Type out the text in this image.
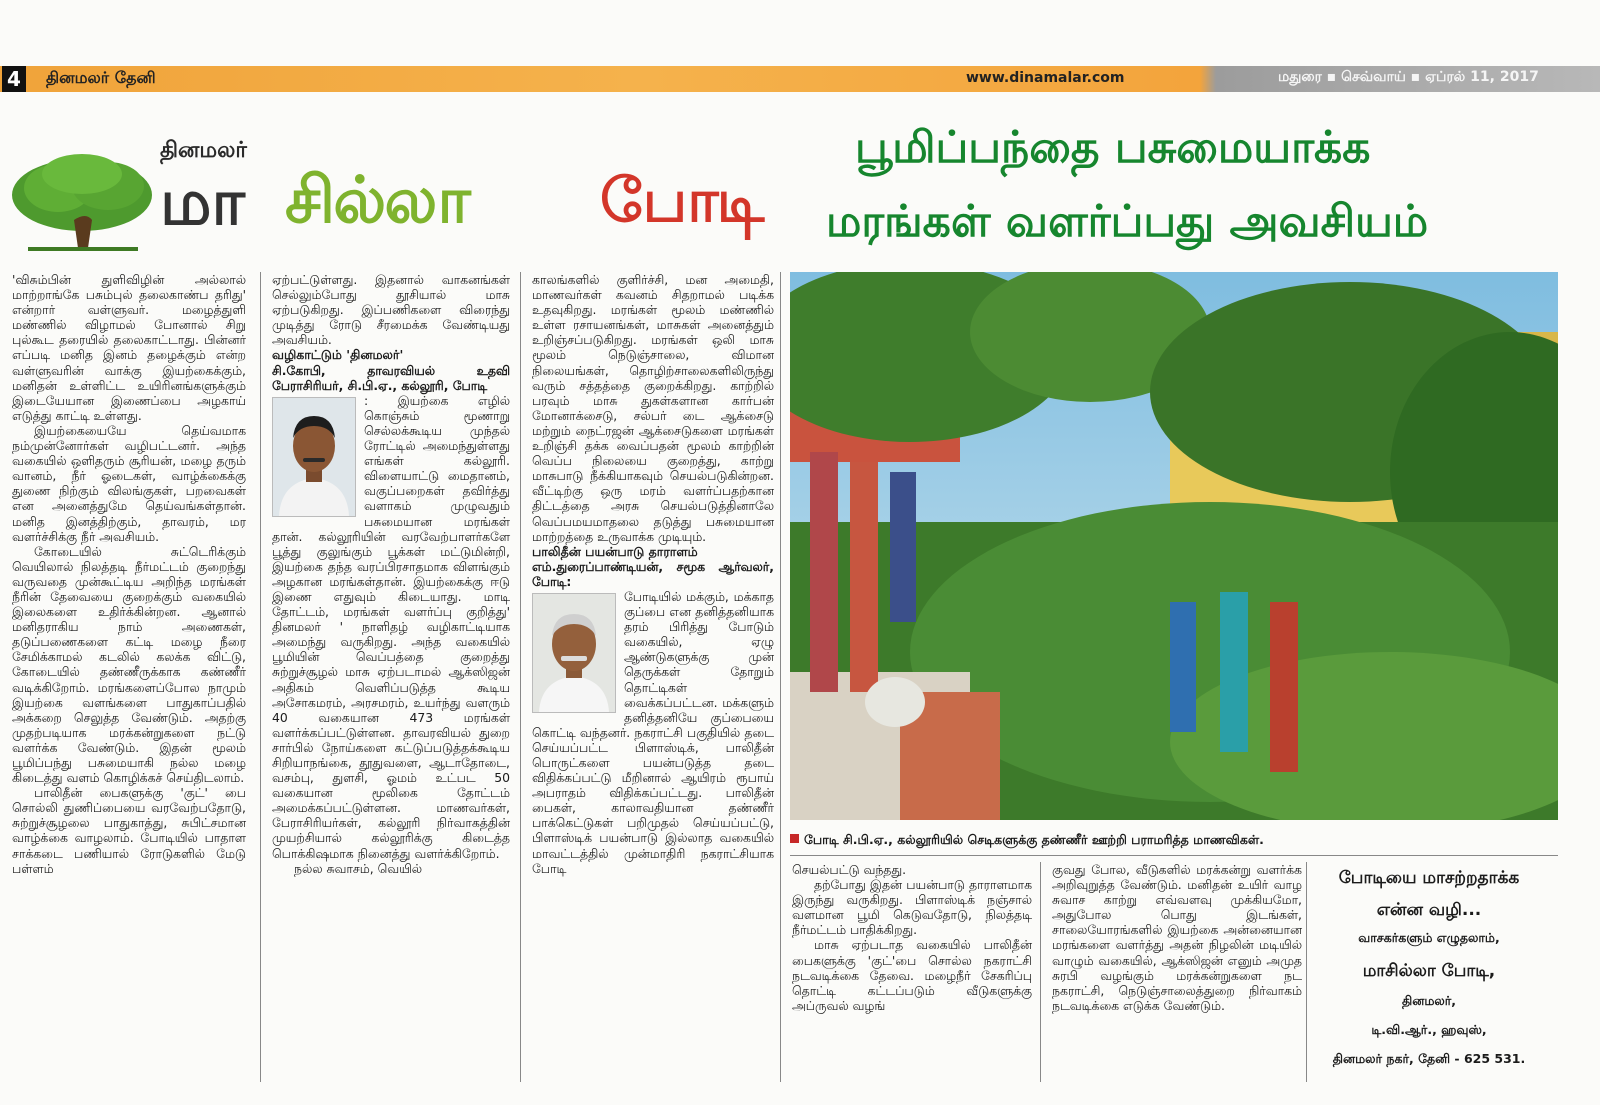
4	தினமலர் தேனி	www.dinamalar.com	மதுரை ▪ செவ்வாய் ▪ ஏப்ரல் 11, 2017
தினமலர்
மா சில்லா போடி
பூமிப்பந்தை பசுமையாக்க
மரங்கள் வளர்ப்பது அவசியம்

'விசும்பின் துளிவிழின் அல்லால் மாற்றாங்கே பசும்புல் தலைகாண்ப தரிது' என்றார் வள்ளுவர். மழைத்துளி மண்ணில் விழாமல் போனால் சிறு புல்கூட தரையில் தலைகாட்டாது. பின்னர் எப்படி மனித இனம் தழைக்கும் என்ற வள்ளுவரின் வாக்கு இயற்கைக்கும், மனிதன் உள்ளிட்ட உயிரினங்களுக்கும் இடையேயான இணைப்பை அழகாய் எடுத்து காட்டி உள்ளது.

இயற்கையையே தெய்வமாக நம்முன்னோர்கள் வழிபட்டனர். அந்த வகையில் ஒளிதரும் சூரியன், மழை தரும் வானம், நீர் ஓடைகள், வாழ்க்கைக்கு துணை நிற்கும் விலங்குகள், பறவைகள் என அனைத்துமே தெய்வங்கள்தான். மனித இனத்திற்கும், தாவரம், மர வளர்ச்சிக்கு நீர் அவசியம்.

கோடையில் சுட்டெரிக்கும் வெயிலால் நிலத்தடி நீர்மட்டம் குறைந்து வருவதை முன்கூட்டிய அறிந்த மரங்கள் நீரின் தேவையை குறைக்கும் வகையில் இலைகளை உதிர்க்கின்றன. ஆனால் மனிதராகிய நாம் அணைகள், தடுப்பணைகளை கட்டி மழை நீரை சேமிக்காமல் கடலில் கலக்க விட்டு, கோடையில் தண்ணீருக்காக கண்ணீர் வடிக்கிறோம். மரங்களைப்போல நாமும் இயற்கை வளங்களை பாதுகாப்பதில் அக்கறை செலுத்த வேண்டும். அதற்கு முதற்படியாக மரக்கன்றுகளை நட்டு வளர்க்க வேண்டும். இதன் மூலம் பூமிப்பந்து பசுமையாகி நல்ல மழை கிடைத்து வளம் கொழிக்கச் செய்திடலாம்.

பாலிதீன் பைகளுக்கு 'குட்' பை சொல்லி துணிப்பையை வரவேற்பதோடு, சுற்றுச்சூழலை பாதுகாத்து, சுபிட்சமான வாழ்க்கை வாழலாம். போடியில் பாதாள சாக்கடை பணியால் ரோடுகளில் மேடு பள்ளம்

ஏற்பட்டுள்ளது. இதனால் வாகனங்கள் செல்லும்போது தூசியால் மாசு ஏற்படுகிறது. இப்பணிகளை விரைந்து முடித்து ரோடு சீரமைக்க வேண்டியது அவசியம்.

வழிகாட்டும் 'தினமலர்'

சி.கோபி, தாவரவியல் உதவி பேராசிரியர், சி.பி.ஏ., கல்லூரி, போடி

: இயற்கை எழில் கொஞ்சும் மூணாறு செல்லக்கூடிய முந்தல் ரோட்டில் அமைந்துள்ளது எங்கள் கல்லூரி. விளையாட்டு மைதானம், வகுப்பறைகள் தவிர்த்து வளாகம் முழுவதும் பசுமையான மரங்கள் தான். கல்லூரியின் வரவேற்பாளர்களே பூத்து குலுங்கும் பூக்கள் மட்டுமின்றி, இயற்கை தந்த வரப்பிரசாதமாக விளங்கும் அழகான மரங்கள்தான். இயற்கைக்கு ஈடு இணை எதுவும் கிடையாது. மாடி தோட்டம், மரங்கள் வளர்ப்பு குறித்து' தினமலர் ' நாளிதழ் வழிகாட்டியாக அமைந்து வருகிறது. அந்த வகையில் பூமியின் வெப்பத்தை குறைத்து சுற்றுச்சூழல் மாசு ஏற்படாமல் ஆக்ஸிஜன் அதிகம் வெளிப்படுத்த கூடிய அசோகமரம், அரசமரம், உயர்ந்து வளரும் 40 வகையான 473 மரங்கள் வளர்க்கப்பட்டுள்ளன. தாவரவியல் துறை சார்பில் நோய்களை கட்டுப்படுத்தக்கூடிய சிறியாநங்கை, தூதுவளை, ஆடாதோடை, வசம்பு, துளசி, ஓமம் உட்பட 50 வகையான மூலிகை தோட்டம் அமைக்கப்பட்டுள்ளன. மாணவர்கள், பேராசிரியர்கள், கல்லூரி நிர்வாகத்தின் முயற்சியால் கல்லூரிக்கு கிடைத்த பொக்கிஷமாக நினைத்து வளர்க்கிறோம்.

நல்ல சுவாசம், வெயில்

காலங்களில் குளிர்ச்சி, மன அமைதி, மாணவர்கள் கவனம் சிதறாமல் படிக்க உதவுகிறது. மரங்கள் மூலம் மண்ணில் உள்ள ரசாயனங்கள், மாசுகள் அனைத்தும் உறிஞ்சப்படுகிறது. மரங்கள் ஒலி மாசு மூலம் நெடுஞ்சாலை, விமான நிலையங்கள், தொழிற்சாலைகளிலிருந்து வரும் சத்தத்தை குறைக்கிறது. காற்றில் பரவும் மாசு துகள்களான கார்பன் மோனாக்சைடு, சல்பர் டை ஆக்சைடு மற்றும் நைட்ரஜன் ஆக்சைடுகளை மரங்கள் உறிஞ்சி தக்க வைப்பதன் மூலம் காற்றின் வெப்ப நிலையை குறைத்து, காற்று மாசுபாடு நீக்கியாகவும் செயல்படுகின்றன. வீட்டிற்கு ஒரு மரம் வளர்ப்பதற்கான திட்டத்தை அரசு செயல்படுத்தினாலே வெப்பமயமாதலை தடுத்து பசுமையான மாற்றத்தை உருவாக்க முடியும்.

பாலிதீன் பயன்பாடு தாராளம்

எம்.துரைப்பாண்டியன், சமூக ஆர்வலர், போடி:

போடியில் மக்கும், மக்காத குப்பை என தனித்தனியாக தரம் பிரித்து போடும் வகையில், ஏழு ஆண்டுகளுக்கு முன் தெருக்கள் தோறும் தொட்டிகள் வைக்கப்பட்டன. மக்களும் தனித்தனியே குப்பையை கொட்டி வந்தனர். நகராட்சி பகுதியில் தடை செய்யப்பட்ட பிளாஸ்டிக், பாலிதீன் பொருட்களை பயன்படுத்த தடை விதிக்கப்பட்டு மீறினால் ஆயிரம் ரூபாய் அபராதம் விதிக்கப்பட்டது. பாலிதீன் பைகள், காலாவதியான தண்ணீர் பாக்கெட்டுகள் பறிமுதல் செய்யப்பட்டு, பிளாஸ்டிக் பயன்பாடு இல்லாத வகையில் மாவட்டத்தில் முன்மாதிரி நகராட்சியாக போடி

போடி சி.பி.ஏ., கல்லூரியில் செடிகளுக்கு தண்ணீர் ஊற்றி பராமரித்த மாணவிகள்.

செயல்பட்டு வந்தது.

தற்போது இதன் பயன்பாடு தாராளமாக இருந்து வருகிறது. பிளாஸ்டிக் நஞ்சால் வளமான பூமி கெடுவதோடு, நிலத்தடி நீர்மட்டம் பாதிக்கிறது.

மாசு ஏற்படாத வகையில் பாலிதீன் பைகளுக்கு 'குட்'பை சொல்ல நகராட்சி நடவடிக்கை தேவை. மழைநீர் சேகரிப்பு தொட்டி கட்டப்படும் வீடுகளுக்கு அப்ருவல் வழங்

குவது போல, வீடுகளில் மரக்கன்று வளர்க்க அறிவுறுத்த வேண்டும். மனிதன் உயிர் வாழ சுவாச காற்று எவ்வளவு முக்கியமோ, அதுபோல பொது இடங்கள், சாலையோரங்களில் இயற்கை அன்னையான மரங்களை வளர்த்து அதன் நிழலின் மடியில் வாழும் வகையில், ஆக்ஸிஜன் எனும் அமுத சுரபி வழங்கும் மரக்கன்றுகளை நட நகராட்சி, நெடுஞ்சாலைத்துறை நிர்வாகம் நடவடிக்கை எடுக்க வேண்டும்.

போடியை மாசற்றதாக்க
என்ன வழி...
வாசகர்களும் எழுதலாம்,
மாசில்லா போடி,
தினமலர்,
டி.வி.ஆர்., ஹவுஸ்,
தினமலர் நகர், தேனி - 625 531.
